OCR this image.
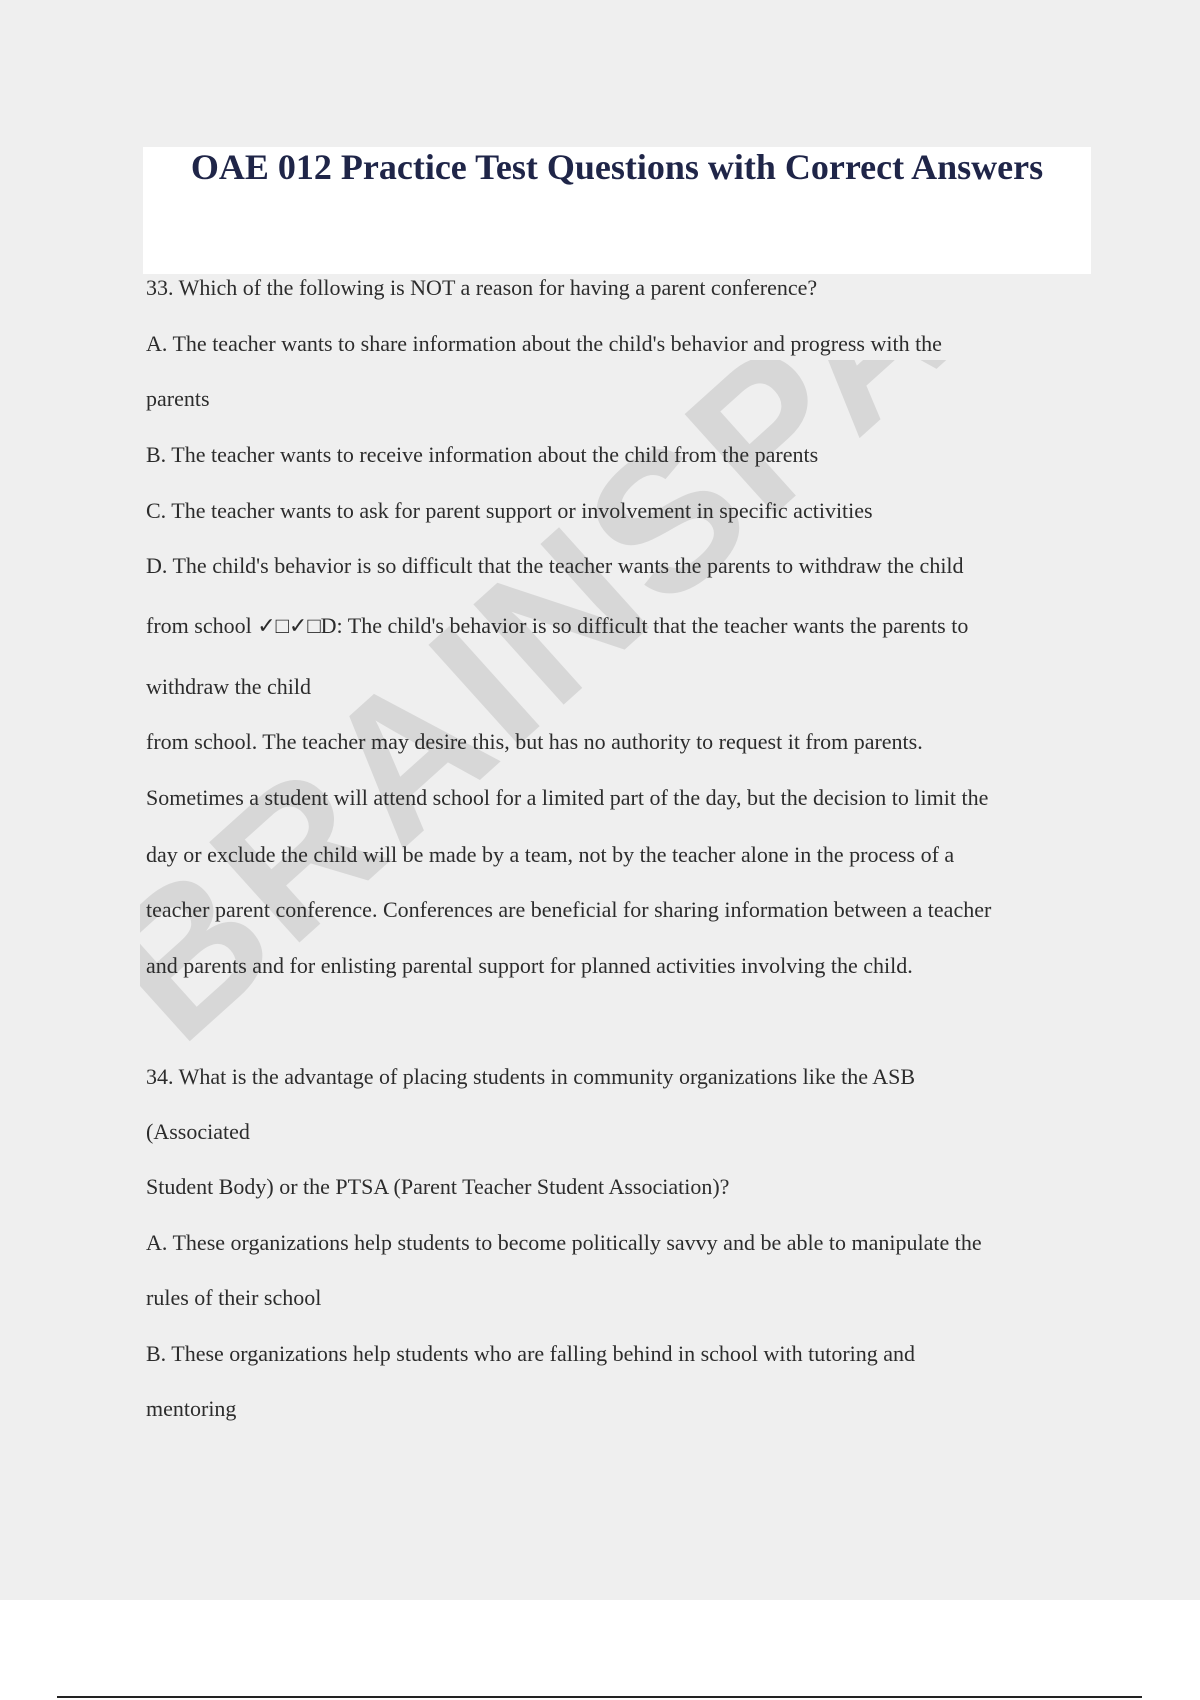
OAE 012 Practice Test Questions with Correct Answers

33. Which of the following is NOT a reason for having a parent conference?

A. The teacher wants to share information about the child's behavior and progress with the

parents

B. The teacher wants to receive information about the child from the parents

C. The teacher wants to ask for parent support or involvement in specific activities

D. The child's behavior is so difficult that the teacher wants the parents to withdraw the child

from school ✓□✓□D: The child's behavior is so difficult that the teacher wants the parents to

withdraw the child

from school. The teacher may desire this, but has no authority to request it from parents.

Sometimes a student will attend school for a limited part of the day, but the decision to limit the

day or exclude the child will be made by a team, not by the teacher alone in the process of a

teacher parent conference. Conferences are beneficial for sharing information between a teacher

and parents and for enlisting parental support for planned activities involving the child.

34. What is the advantage of placing students in community organizations like the ASB

(Associated

Student Body) or the PTSA (Parent Teacher Student Association)?

A. These organizations help students to become politically savvy and be able to manipulate the

rules of their school

B. These organizations help students who are falling behind in school with tutoring and

mentoring
